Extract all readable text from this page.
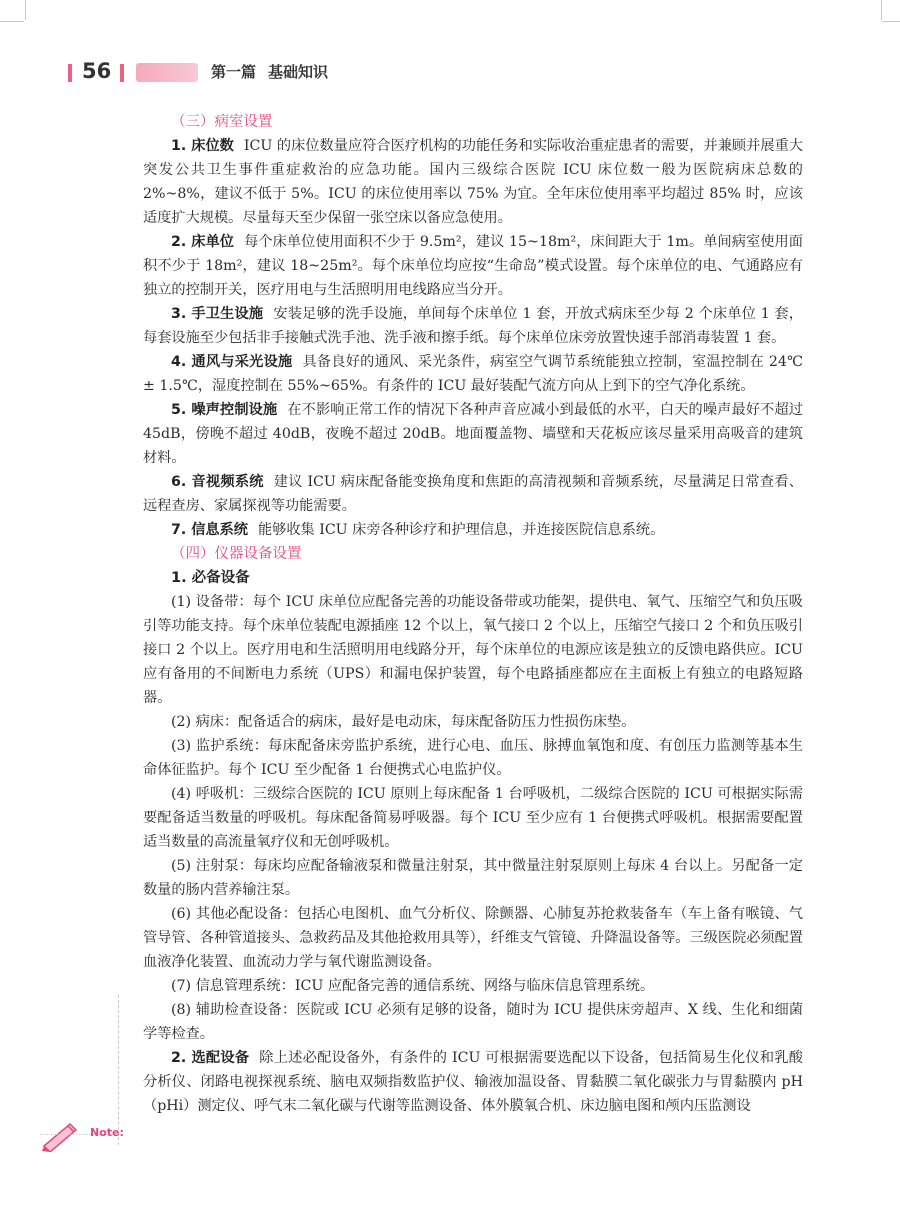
56	第一篇 基础知识
（三）病室设置

1. 床位数 ICU 的床位数量应符合医疗机构的功能任务和实际收治重症患者的需要，并兼顾并展重大突发公共卫生事件重症救治的应急功能。国内三级综合医院 ICU 床位数一般为医院病床总数的 2%~8%，建议不低于 5%。ICU 的床位使用率以 75% 为宜。全年床位使用率平均超过 85% 时，应该适度扩大规模。尽量每天至少保留一张空床以备应急使用。

2. 床单位 每个床单位使用面积不少于 9.5m²，建议 15~18m²，床间距大于 1m。单间病室使用面积不少于 18m²，建议 18~25m²。每个床单位均应按“生命岛”模式设置。每个床单位的电、气通路应有独立的控制开关，医疗用电与生活照明用电线路应当分开。

3. 手卫生设施 安装足够的洗手设施，单间每个床单位 1 套，开放式病床至少每 2 个床单位 1 套，每套设施至少包括非手接触式洗手池、洗手液和擦手纸。每个床单位床旁放置快速手部消毒装置 1 套。

4. 通风与采光设施 具备良好的通风、采光条件，病室空气调节系统能独立控制，室温控制在 24℃ ± 1.5℃，湿度控制在 55%~65%。有条件的 ICU 最好装配气流方向从上到下的空气净化系统。

5. 噪声控制设施 在不影响正常工作的情况下各种声音应减小到最低的水平，白天的噪声最好不超过 45dB，傍晚不超过 40dB，夜晚不超过 20dB。地面覆盖物、墙壁和天花板应该尽量采用高吸音的建筑材料。

6. 音视频系统 建议 ICU 病床配备能变换角度和焦距的高清视频和音频系统，尽量满足日常查看、远程查房、家属探视等功能需要。

7. 信息系统 能够收集 ICU 床旁各种诊疗和护理信息，并连接医院信息系统。

（四）仪器设备设置
1. 必备设备

(1) 设备带：每个 ICU 床单位应配备完善的功能设备带或功能架，提供电、氧气、压缩空气和负压吸引等功能支持。每个床单位装配电源插座 12 个以上，氧气接口 2 个以上，压缩空气接口 2 个和负压吸引接口 2 个以上。医疗用电和生活照明用电线路分开，每个床单位的电源应该是独立的反馈电路供应。ICU 应有备用的不间断电力系统（UPS）和漏电保护装置，每个电路插座都应在主面板上有独立的电路短路器。

(2) 病床：配备适合的病床，最好是电动床，每床配备防压力性损伤床垫。

(3) 监护系统：每床配备床旁监护系统，进行心电、血压、脉搏血氧饱和度、有创压力监测等基本生命体征监护。每个 ICU 至少配备 1 台便携式心电监护仪。

(4) 呼吸机：三级综合医院的 ICU 原则上每床配备 1 台呼吸机，二级综合医院的 ICU 可根据实际需要配备适当数量的呼吸机。每床配备简易呼吸器。每个 ICU 至少应有 1 台便携式呼吸机。根据需要配置适当数量的高流量氧疗仪和无创呼吸机。

(5) 注射泵：每床均应配备输液泵和微量注射泵，其中微量注射泵原则上每床 4 台以上。另配备一定数量的肠内营养输注泵。

(6) 其他必配设备：包括心电图机、血气分析仪、除颤器、心肺复苏抢救装备车（车上备有喉镜、气管导管、各种管道接头、急救药品及其他抢救用具等），纤维支气管镜、升降温设备等。三级医院必须配置血液净化装置、血流动力学与氧代谢监测设备。

(7) 信息管理系统：ICU 应配备完善的通信系统、网络与临床信息管理系统。

(8) 辅助检查设备：医院或 ICU 必须有足够的设备，随时为 ICU 提供床旁超声、X 线、生化和细菌学等检查。

2. 选配设备 除上述必配设备外，有条件的 ICU 可根据需要选配以下设备，包括简易生化仪和乳酸分析仪、闭路电视探视系统、脑电双频指数监护仪、输液加温设备、胃黏膜二氧化碳张力与胃黏膜内 pH（pHi）测定仪、呼气末二氧化碳与代谢等监测设备、体外膜氧合机、床边脑电图和颅内压监测设

Note:
